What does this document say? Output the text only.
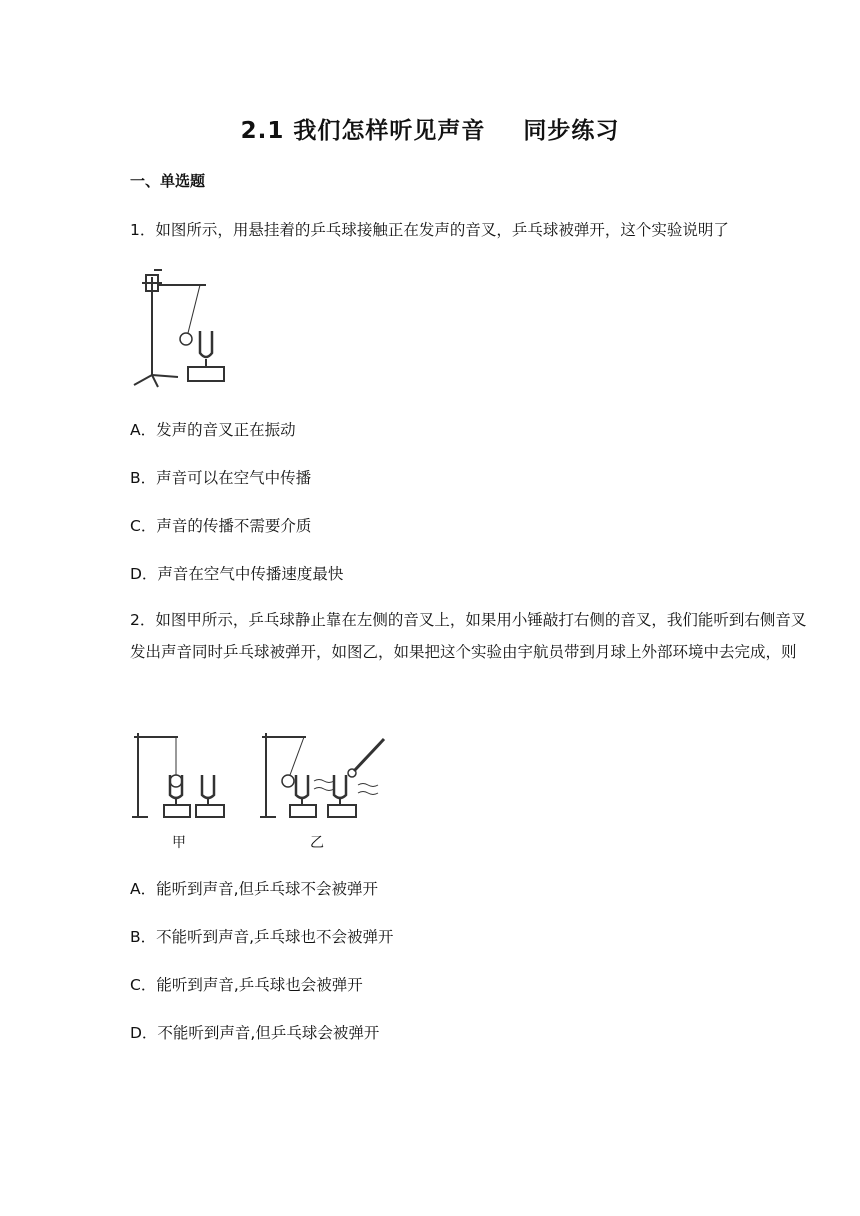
2.1 我们怎样听见声音 同步练习
一、单选题
1．如图所示，用悬挂着的乒乓球接触正在发声的音叉，乒乓球被弹开，这个实验说明了
A．发声的音叉正在振动
B．声音可以在空气中传播
C．声音的传播不需要介质
D．声音在空气中传播速度最快
2．如图甲所示，乒乓球静止靠在左侧的音叉上，如果用小锤敲打右侧的音叉，我们能听到右侧音叉发出声音同时乒乓球被弹开，如图乙，如果把这个实验由宇航员带到月球上外部环境中去完成，则
甲	乙
A．能听到声音,但乒乓球不会被弹开
B．不能听到声音,乒乓球也不会被弹开
C．能听到声音,乒乓球也会被弹开
D．不能听到声音,但乒乓球会被弹开
